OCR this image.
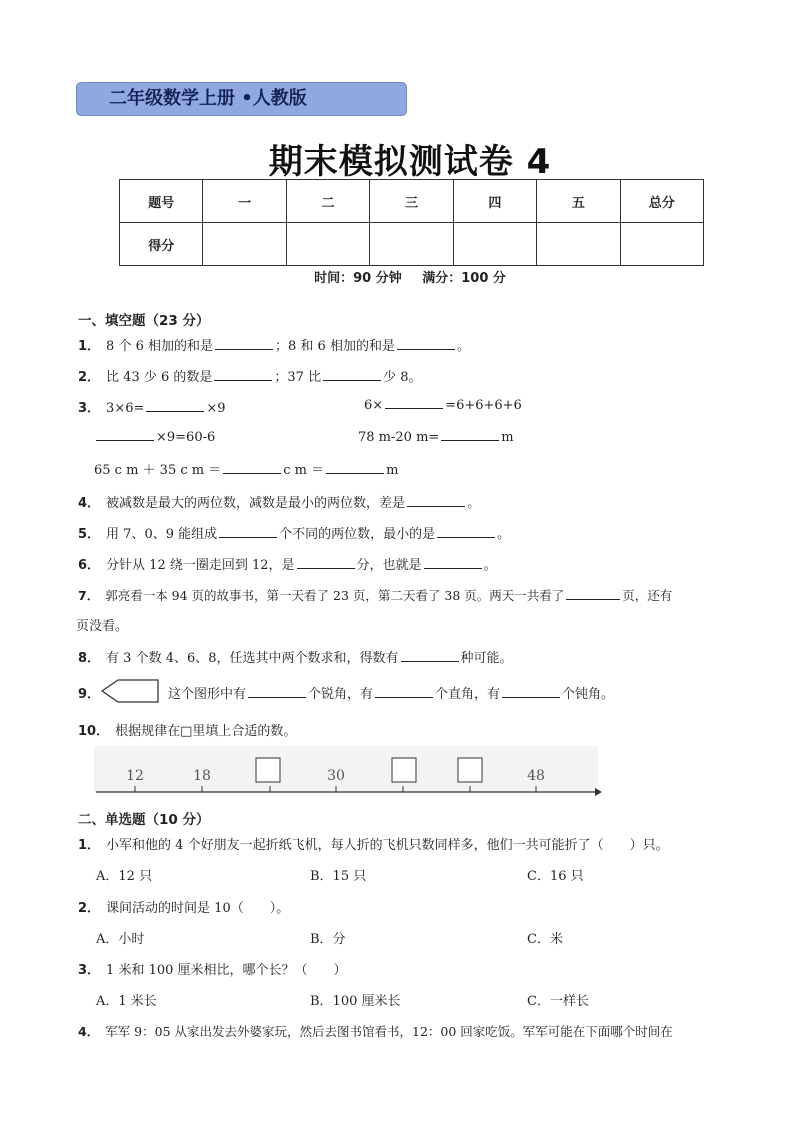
二年级数学上册 •人教版
期末模拟测试卷 4
题号	一	二	三	四	五	总分
得分						
时间：90 分钟 满分：100 分
一、填空题（23 分）
1． 8 个 6 相加的和是	；8 和 6 相加的和是	。
2． 比 43 少 6 的数是	；37 比	少 8。
3． 3×6=	×9	6×	=6+6+6+6
×9=60-6	78 m-20 m=	m
65 c m ＋ 35 c m ＝	c m ＝	m
4． 被减数是最大的两位数，减数是最小的两位数，差是	。
5． 用 7、0、9 能组成	个不同的两位数，最小的是	。
6． 分针从 12 绕一圈走回到 12，是	分，也就是	。
7． 郭亮看一本 94 页的故事书，第一天看了 23 页，第二天看了 38 页。两天一共看了	页，还有
页没看。
8． 有 3 个数 4、6、8，任选其中两个数求和，得数有	种可能。
9．	这个图形中有	个锐角，有	个直角，有	个钝角。
10． 根据规律在□里填上合适的数。
12	18	30	48
二、单选题（10 分）
1． 小军和他的 4 个好朋友一起折纸飞机，每人折的飞机只数同样多，他们一共可能折了（　　）只。
A．12 只	B．15 只	C．16 只
2． 课间活动的时间是 10（　　）。
A．小时	B．分	C．米
3． 1 米和 100 厘米相比，哪个长？（　　）
A．1 米长	B．100 厘米长	C．一样长
4． 军军 9：05 从家出发去外婆家玩，然后去图书馆看书，12：00 回家吃饭。军军可能在下面哪个时间在
